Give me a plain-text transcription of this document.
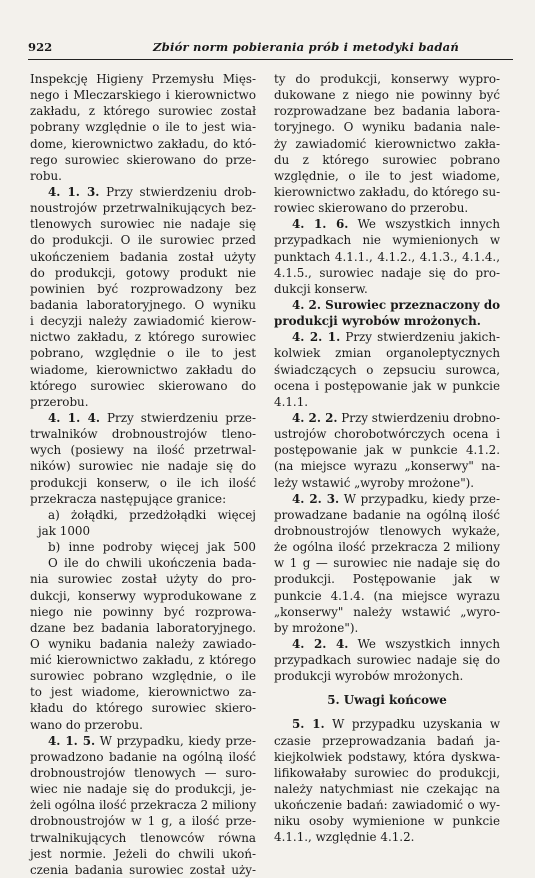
922	Zbiór norm pobierania prób i metodyki badań
Inspekcję Higieny Przemysłu Mięs-
nego i Mleczarskiego i kierownictwo
zakładu, z którego surowiec został
pobrany względnie o ile to jest wia-
dome, kierownictwo zakładu, do któ-
rego surowiec skierowano do prze-
robu.
4. 1. 3. Przy stwierdzeniu drob-
noustrojów przetrwalnikujących bez-
tlenowych surowiec nie nadaje się
do produkcji. O ile surowiec przed
ukończeniem badania został użyty
do produkcji, gotowy produkt nie
powinien być rozprowadzony bez
badania laboratoryjnego. O wyniku
i decyzji należy zawiadomić kierow-
nictwo zakładu, z którego surowiec
pobrano, względnie o ile to jest
wiadome, kierownictwo zakładu do
którego surowiec skierowano do
przerobu.
4. 1. 4. Przy stwierdzeniu prze-
trwalników drobnoustrojów tleno-
wych (posiewy na ilość przetrwal-
ników) surowiec nie nadaje się do
produkcji konserw, o ile ich ilość
przekracza następujące granice:
a) żołądki, przedżołądki więcej
jak 1000
b) inne podroby więcej jak 500
O ile do chwili ukończenia bada-
nia surowiec został użyty do pro-
dukcji, konserwy wyprodukowane z
niego nie powinny być rozprowa-
dzane bez badania laboratoryjnego.
O wyniku badania należy zawiado-
mić kierownictwo zakładu, z którego
surowiec pobrano względnie, o ile
to jest wiadome, kierownictwo za-
kładu do którego surowiec skiero-
wano do przerobu.
4. 1. 5. W przypadku, kiedy prze-
prowadzono badanie na ogólną ilość
drobnoustrojów tlenowych — suro-
wiec nie nadaje się do produkcji, je-
żeli ogólna ilość przekracza 2 miliony
drobnoustrojów w 1 g, a ilość prze-
trwalnikujących tlenowców równa
jest normie. Jeżeli do chwili ukoń-
czenia badania surowiec został uży-
ty do produkcji, konserwy wypro-
dukowane z niego nie powinny być
rozprowadzane bez badania labora-
toryjnego. O wyniku badania nale-
ży zawiadomić kierownictwo zakła-
du z którego surowiec pobrano
względnie, o ile to jest wiadome,
kierownictwo zakładu, do którego su-
rowiec skierowano do przerobu.
4. 1. 6. We wszystkich innych
przypadkach nie wymienionych w
punktach 4.1.1., 4.1.2., 4.1.3., 4.1.4.,
4.1.5., surowiec nadaje się do pro-
dukcji konserw.
4. 2. Surowiec przeznaczony do
produkcji wyrobów mrożonych.
4. 2. 1. Przy stwierdzeniu jakich-
kolwiek zmian organoleptycznych
świadczących o zepsuciu surowca,
ocena i postępowanie jak w punkcie
4.1.1.
4. 2. 2. Przy stwierdzeniu drobno-
ustrojów chorobotwórczych ocena i
postępowanie jak w punkcie 4.1.2.
(na miejsce wyrazu „konserwy" na-
leży wstawić „wyroby mrożone").
4. 2. 3. W przypadku, kiedy prze-
prowadzane badanie na ogólną ilość
drobnoustrojów tlenowych wykaże,
że ogólna ilość przekracza 2 miliony
w 1 g — surowiec nie nadaje się do
produkcji. Postępowanie jak w
punkcie 4.1.4. (na miejsce wyrazu
„konserwy" należy wstawić „wyro-
by mrożone").
4. 2. 4. We wszystkich innych
przypadkach surowiec nadaje się do
produkcji wyrobów mrożonych.
5. Uwagi końcowe
5. 1. W przypadku uzyskania w
czasie przeprowadzania badań ja-
kiejkolwiek podstawy, która dyskwa-
lifikowałaby surowiec do produkcji,
należy natychmiast nie czekając na
ukończenie badań: zawiadomić o wy-
niku osoby wymienione w punkcie
4.1.1., względnie 4.1.2.
